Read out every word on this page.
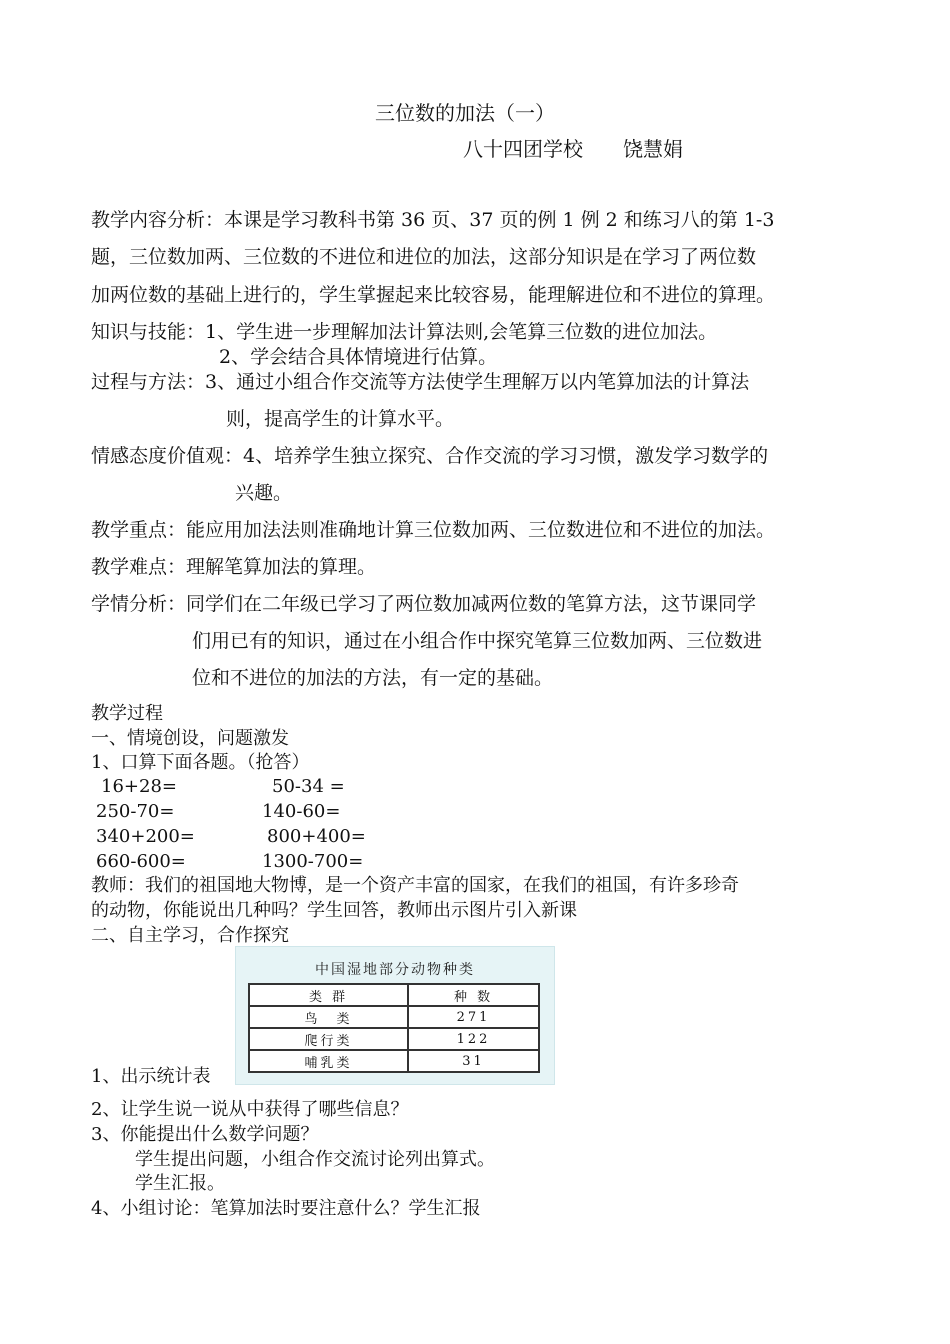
三位数的加法（一）
八十四团学校　　饶慧娟
教学内容分析：本课是学习教科书第 36 页、37 页的例 1 例 2 和练习八的第 1-3
题，三位数加两、三位数的不进位和进位的加法，这部分知识是在学习了两位数
加两位数的基础上进行的，学生掌握起来比较容易，能理解进位和不进位的算理。
知识与技能：1、学生进一步理解加法计算法则,会笔算三位数的进位加法。
2、学会结合具体情境进行估算。
过程与方法：3、通过小组合作交流等方法使学生理解万以内笔算加法的计算法
则，提高学生的计算水平。
情感态度价值观：4、培养学生独立探究、合作交流的学习习惯，激发学习数学的
兴趣。
教学重点：能应用加法法则准确地计算三位数加两、三位数进位和不进位的加法。
教学难点：理解笔算加法的算理。
学情分析：同学们在二年级已学习了两位数加减两位数的笔算方法，这节课同学
们用已有的知识，通过在小组合作中探究笔算三位数加两、三位数进
位和不进位的加法的方法，有一定的基础。
教学过程
一、情境创设，问题激发
1、口算下面各题。（抢答）
16+28=	50-34 =
250-70=	140-60=
340+200=	800+400=
660-600=	1300-700=
教师：我们的祖国地大物博，是一个资产丰富的国家，在我们的祖国，有许多珍奇
的动物，你能说出几种吗？学生回答，教师出示图片引入新课
二、自主学习，合作探究
中国湿地部分动物种类
类 群	种 数
鸟　类	271
爬行类	122
哺乳类	31
1、出示统计表
2、让学生说一说从中获得了哪些信息？
3、你能提出什么数学问题？
学生提出问题，小组合作交流讨论列出算式。
学生汇报。
4、小组讨论：笔算加法时要注意什么？学生汇报
